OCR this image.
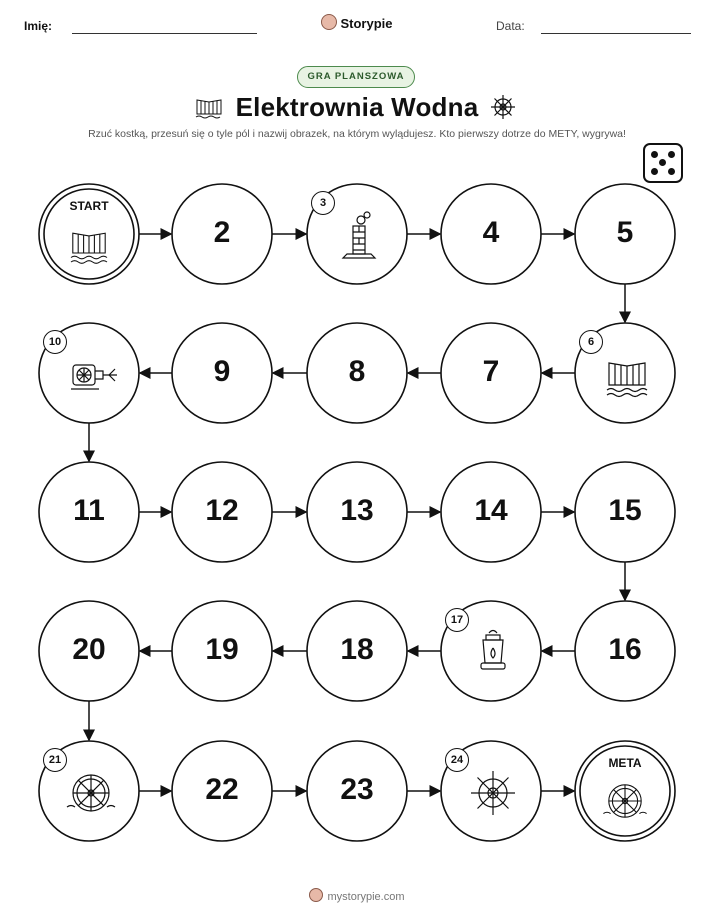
Imię:	Storypie	Data:
GRA PLANSZOWA
Elektrownia Wodna
Rzuć kostką, przesuń się o tyle pól i nazwij obrazek, na którym wylądujesz. Kto pierwszy dotrze do METY, wygrywa!
START
2
3
4	5
6
7
8
9
10
11	12	13	14	15
16
17
18
19
20
21
22	23
24	META
mystorypie.com
